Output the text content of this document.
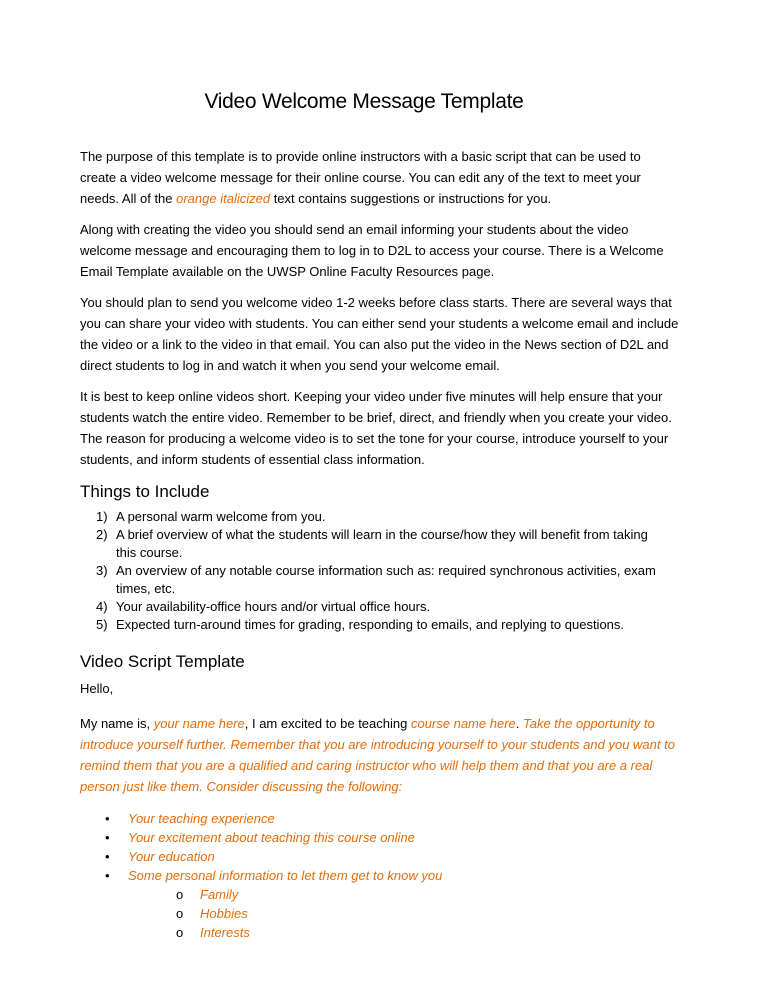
Video Welcome Message Template

The purpose of this template is to provide online instructors with a basic script that can be used to
create a video welcome message for their online course. You can edit any of the text to meet your
needs. All of the orange italicized text contains suggestions or instructions for you.

Along with creating the video you should send an email informing your students about the video
welcome message and encouraging them to log in to D2L to access your course. There is a Welcome
Email Template available on the UWSP Online Faculty Resources page.

You should plan to send you welcome video 1-2 weeks before class starts. There are several ways that
you can share your video with students. You can either send your students a welcome email and include
the video or a link to the video in that email. You can also put the video in the News section of D2L and
direct students to log in and watch it when you send your welcome email.

It is best to keep online videos short. Keeping your video under five minutes will help ensure that your
students watch the entire video. Remember to be brief, direct, and friendly when you create your video.
The reason for producing a welcome video is to set the tone for your course, introduce yourself to your
students, and inform students of essential class information.

Things to Include
1) A personal warm welcome from you.
2) A brief overview of what the students will learn in the course/how they will benefit from taking
this course.
3) An overview of any notable course information such as: required synchronous activities, exam
times, etc.
4) Your availability-office hours and/or virtual office hours.
5) Expected turn-around times for grading, responding to emails, and replying to questions.
Video Script Template

Hello,

My name is, your name here, I am excited to be teaching course name here. Take the opportunity to
introduce yourself further. Remember that you are introducing yourself to your students and you want to
remind them that you are a qualified and caring instructor who will help them and that you are a real
person just like them. Consider discussing the following:

• Your teaching experience
• Your excitement about teaching this course online
• Your education
• Some personal information to let them get to know you
o Family
o Hobbies
o Interests
